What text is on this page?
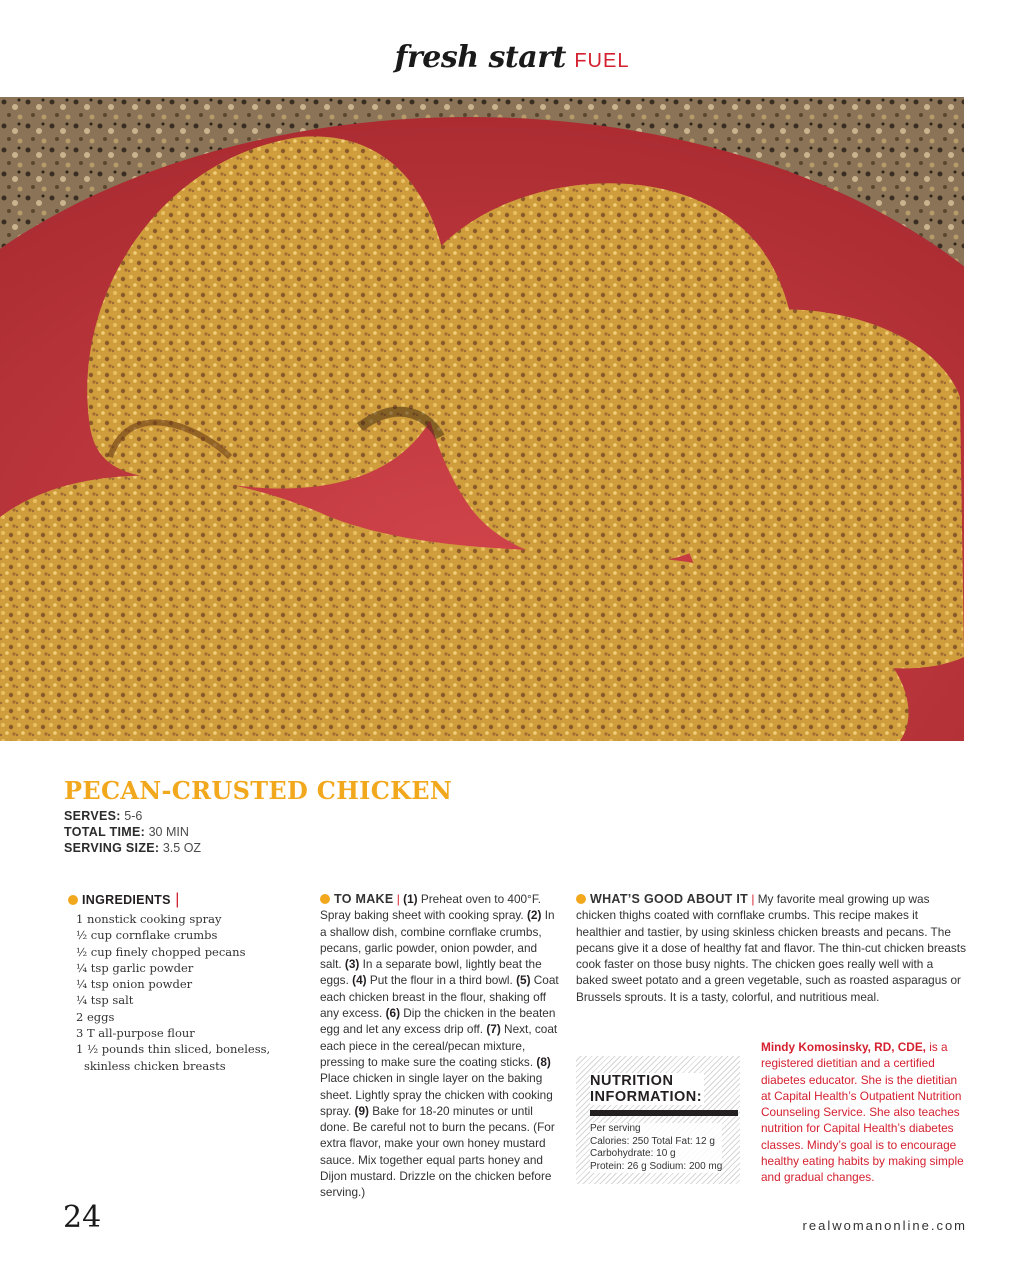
fresh start FUEL
PECAN-CRUSTED CHICKEN
SERVES: 5-6
TOTAL TIME: 30 MIN
SERVING SIZE: 3.5 OZ
INGREDIENTS |
1 nonstick cooking spray
½ cup cornflake crumbs
½ cup finely chopped pecans
¼ tsp garlic powder
¼ tsp onion powder
¼ tsp salt
2 eggs
3 T all-purpose flour
1 ½ pounds thin sliced, boneless, skinless chicken breasts
TO MAKE | (1) Preheat oven to 400°F. Spray baking sheet with cooking spray. (2) In a shallow dish, combine cornflake crumbs, pecans, garlic powder, onion powder, and salt. (3) In a separate bowl, lightly beat the eggs. (4) Put the flour in a third bowl. (5) Coat each chicken breast in the flour, shaking off any excess. (6) Dip the chicken in the beaten egg and let any excess drip off. (7) Next, coat each piece in the cereal/pecan mixture, pressing to make sure the coating sticks. (8) Place chicken in single layer on the baking sheet. Lightly spray the chicken with cooking spray. (9) Bake for 18-20 minutes or until done. Be careful not to burn the pecans. (For extra flavor, make your own honey mustard sauce. Mix together equal parts honey and Dijon mustard. Drizzle on the chicken before serving.)
WHAT’S GOOD ABOUT IT | My favorite meal growing up was chicken thighs coated with cornflake crumbs. This recipe makes it healthier and tastier, by using skinless chicken breasts and pecans. The pecans give it a dose of healthy fat and flavor. The thin-cut chicken breasts cook faster on those busy nights. The chicken goes really well with a baked sweet potato and a green vegetable, such as roasted asparagus or Brussels sprouts. It is a tasty, colorful, and nutritious meal.
NUTRITION
INFORMATION:
Per serving
Calories: 250 Total Fat: 12 g
Carbohydrate: 10 g
Protein: 26 g Sodium: 200 mg
Mindy Komosinsky, RD, CDE, is a registered dietitian and a certified diabetes educator. She is the dietitian at Capital Health’s Outpatient Nutrition Counseling Service. She also teaches nutrition for Capital Health’s diabetes classes. Mindy’s goal is to encourage healthy eating habits by making simple and gradual changes.
24	realwomanonline.com
